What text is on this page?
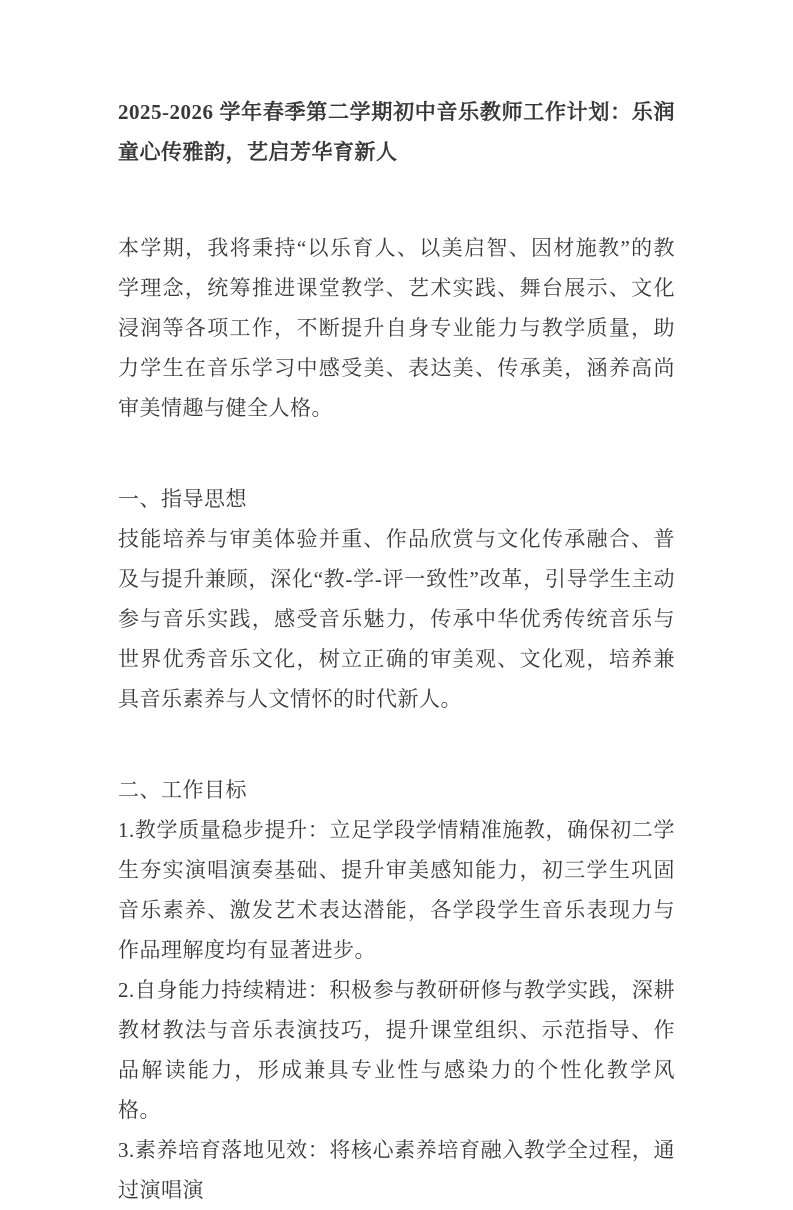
2025-2026 学年春季第二学期初中音乐教师工作计划：乐润童心传雅韵，艺启芳华育新人

本学期，我将秉持“以乐育人、以美启智、因材施教”的教学理念，统筹推进课堂教学、艺术实践、舞台展示、文化浸润等各项工作，不断提升自身专业能力与教学质量，助力学生在音乐学习中感受美、表达美、传承美，涵养高尚审美情趣与健全人格。

一、指导思想

技能培养与审美体验并重、作品欣赏与文化传承融合、普及与提升兼顾，深化“教-学-评一致性”改革，引导学生主动参与音乐实践，感受音乐魅力，传承中华优秀传统音乐与世界优秀音乐文化，树立正确的审美观、文化观，培养兼具音乐素养与人文情怀的时代新人。

二、工作目标

1.教学质量稳步提升：立足学段学情精准施教，确保初二学生夯实演唱演奏基础、提升审美感知能力，初三学生巩固音乐素养、激发艺术表达潜能，各学段学生音乐表现力与作品理解度均有显著进步。

2.自身能力持续精进：积极参与教研研修与教学实践，深耕教材教法与音乐表演技巧，提升课堂组织、示范指导、作品解读能力，形成兼具专业性与感染力的个性化教学风格。

3.素养培育落地见效：将核心素养培育融入教学全过程，通过演唱演
